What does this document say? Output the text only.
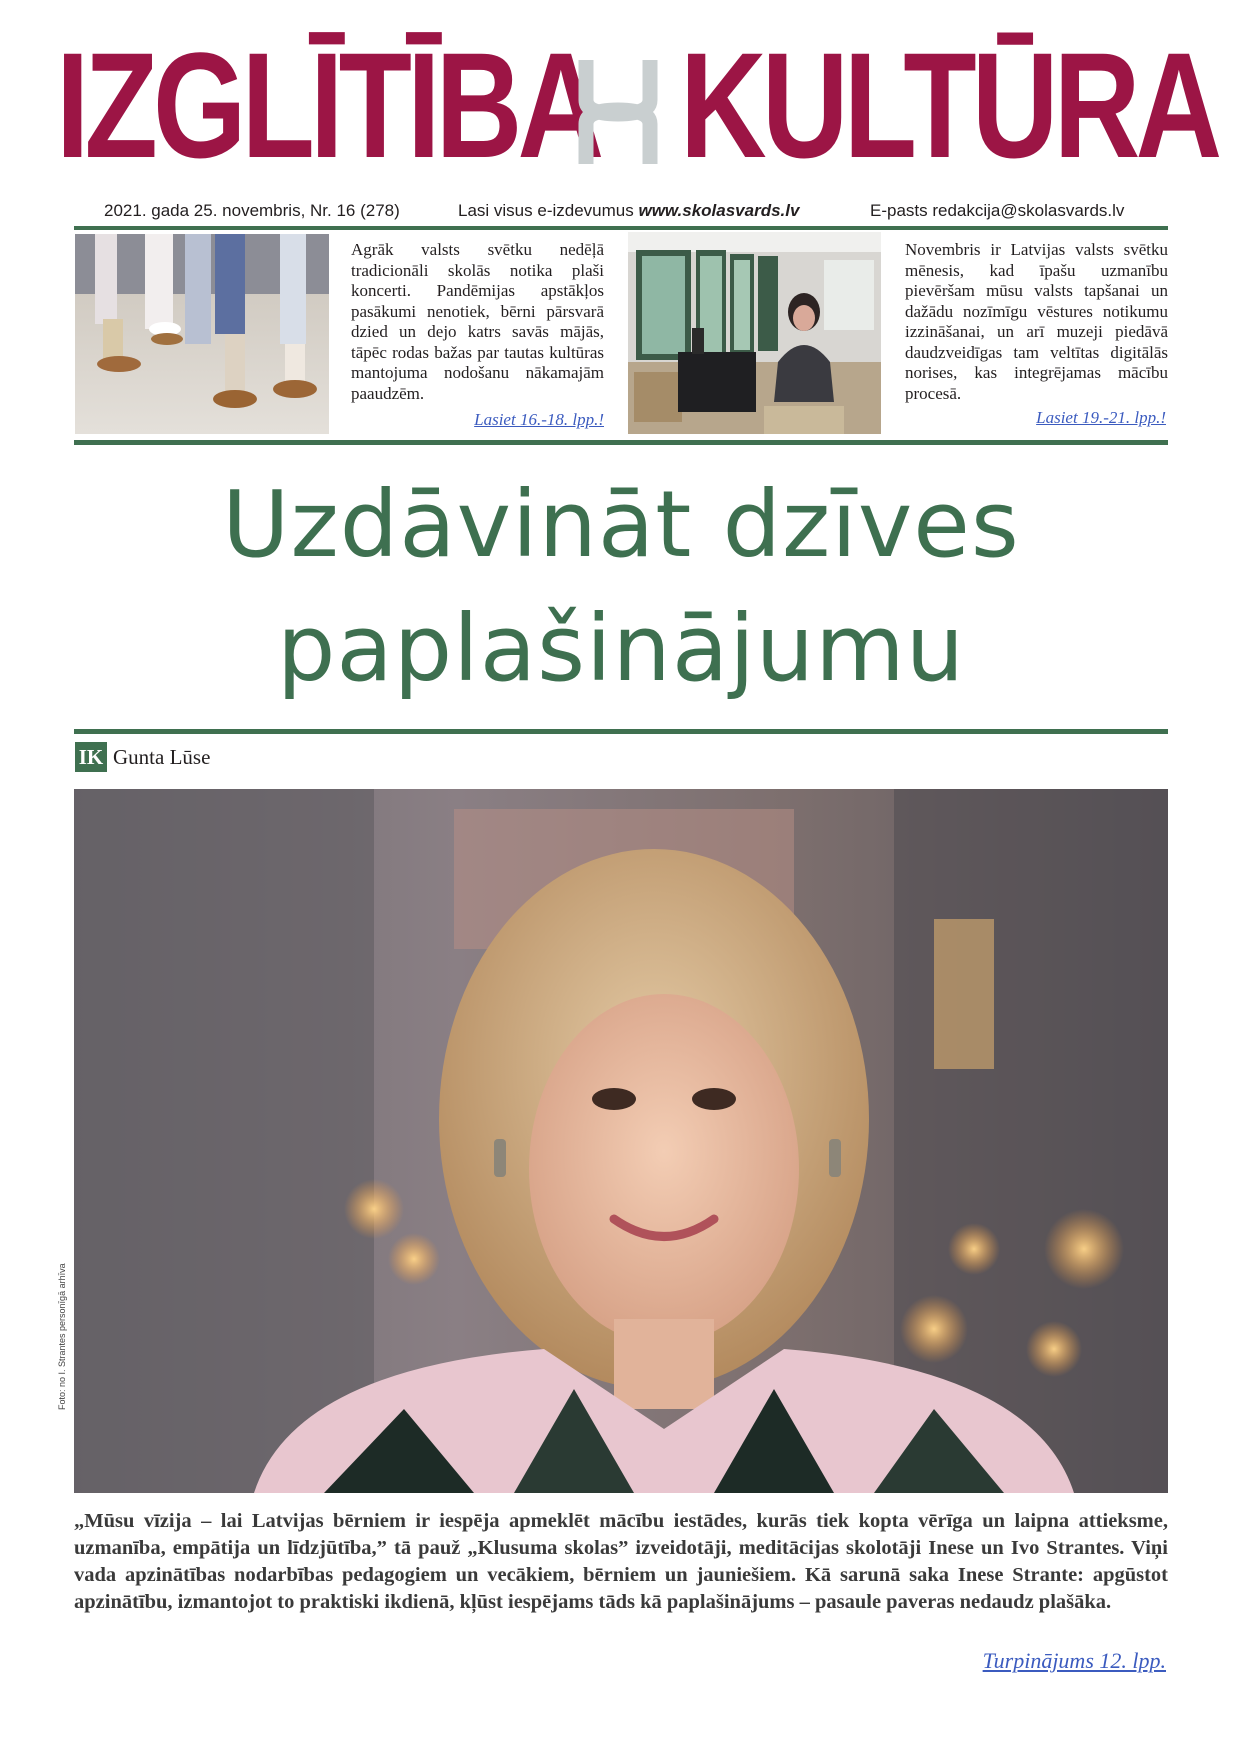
IZGLĪTĪBA KULTŪRA
2021. gada 25. novembris, Nr. 16 (278)	Lasi visus e-izdevumus www.skolasvards.lv	E-pasts redakcija@skolasvards.lv
Agrāk valsts svētku nedēļā tradicionāli skolās notika plaši koncerti. Pandēmijas apstākļos pasākumi nenotiek, bērni pārsvarā dzied un dejo katrs savās mājās, tāpēc rodas bažas par tautas kultūras mantojuma nodošanu nākamajām paaudzēm.
Lasiet 16.-18. lpp.!
Novembris ir Latvijas valsts svētku mēnesis, kad īpašu uzmanību pievēršam mūsu valsts tapšanai un dažādu nozīmīgu vēstures notikumu izzināšanai, un arī muzeji piedāvā daudzveidīgas tam veltītas digitālās norises, kas integrējamas mācību procesā.
Lasiet 19.-21. lpp.!
Uzdāvināt dzīves
paplašinājumu
IK Gunta Lūse
Foto: no I. Strantes personīgā arhīva
„Mūsu vīzija – lai Latvijas bērniem ir iespēja apmeklēt mācību iestādes, kurās tiek kopta vērīga un laipna attieksme, uzmanība, empātija un līdzjūtība,” tā pauž „Klusuma skolas” izveidotāji, meditācijas skolotāji Inese un Ivo Strantes. Viņi vada apzinātības nodarbības pedagogiem un vecākiem, bērniem un jauniešiem. Kā sarunā saka Inese Strante: apgūstot apzinātību, izmantojot to praktiski ikdienā, kļūst iespējams tāds kā paplašinājums – pasaule paveras nedaudz plašāka.
Turpinājums 12. lpp.
